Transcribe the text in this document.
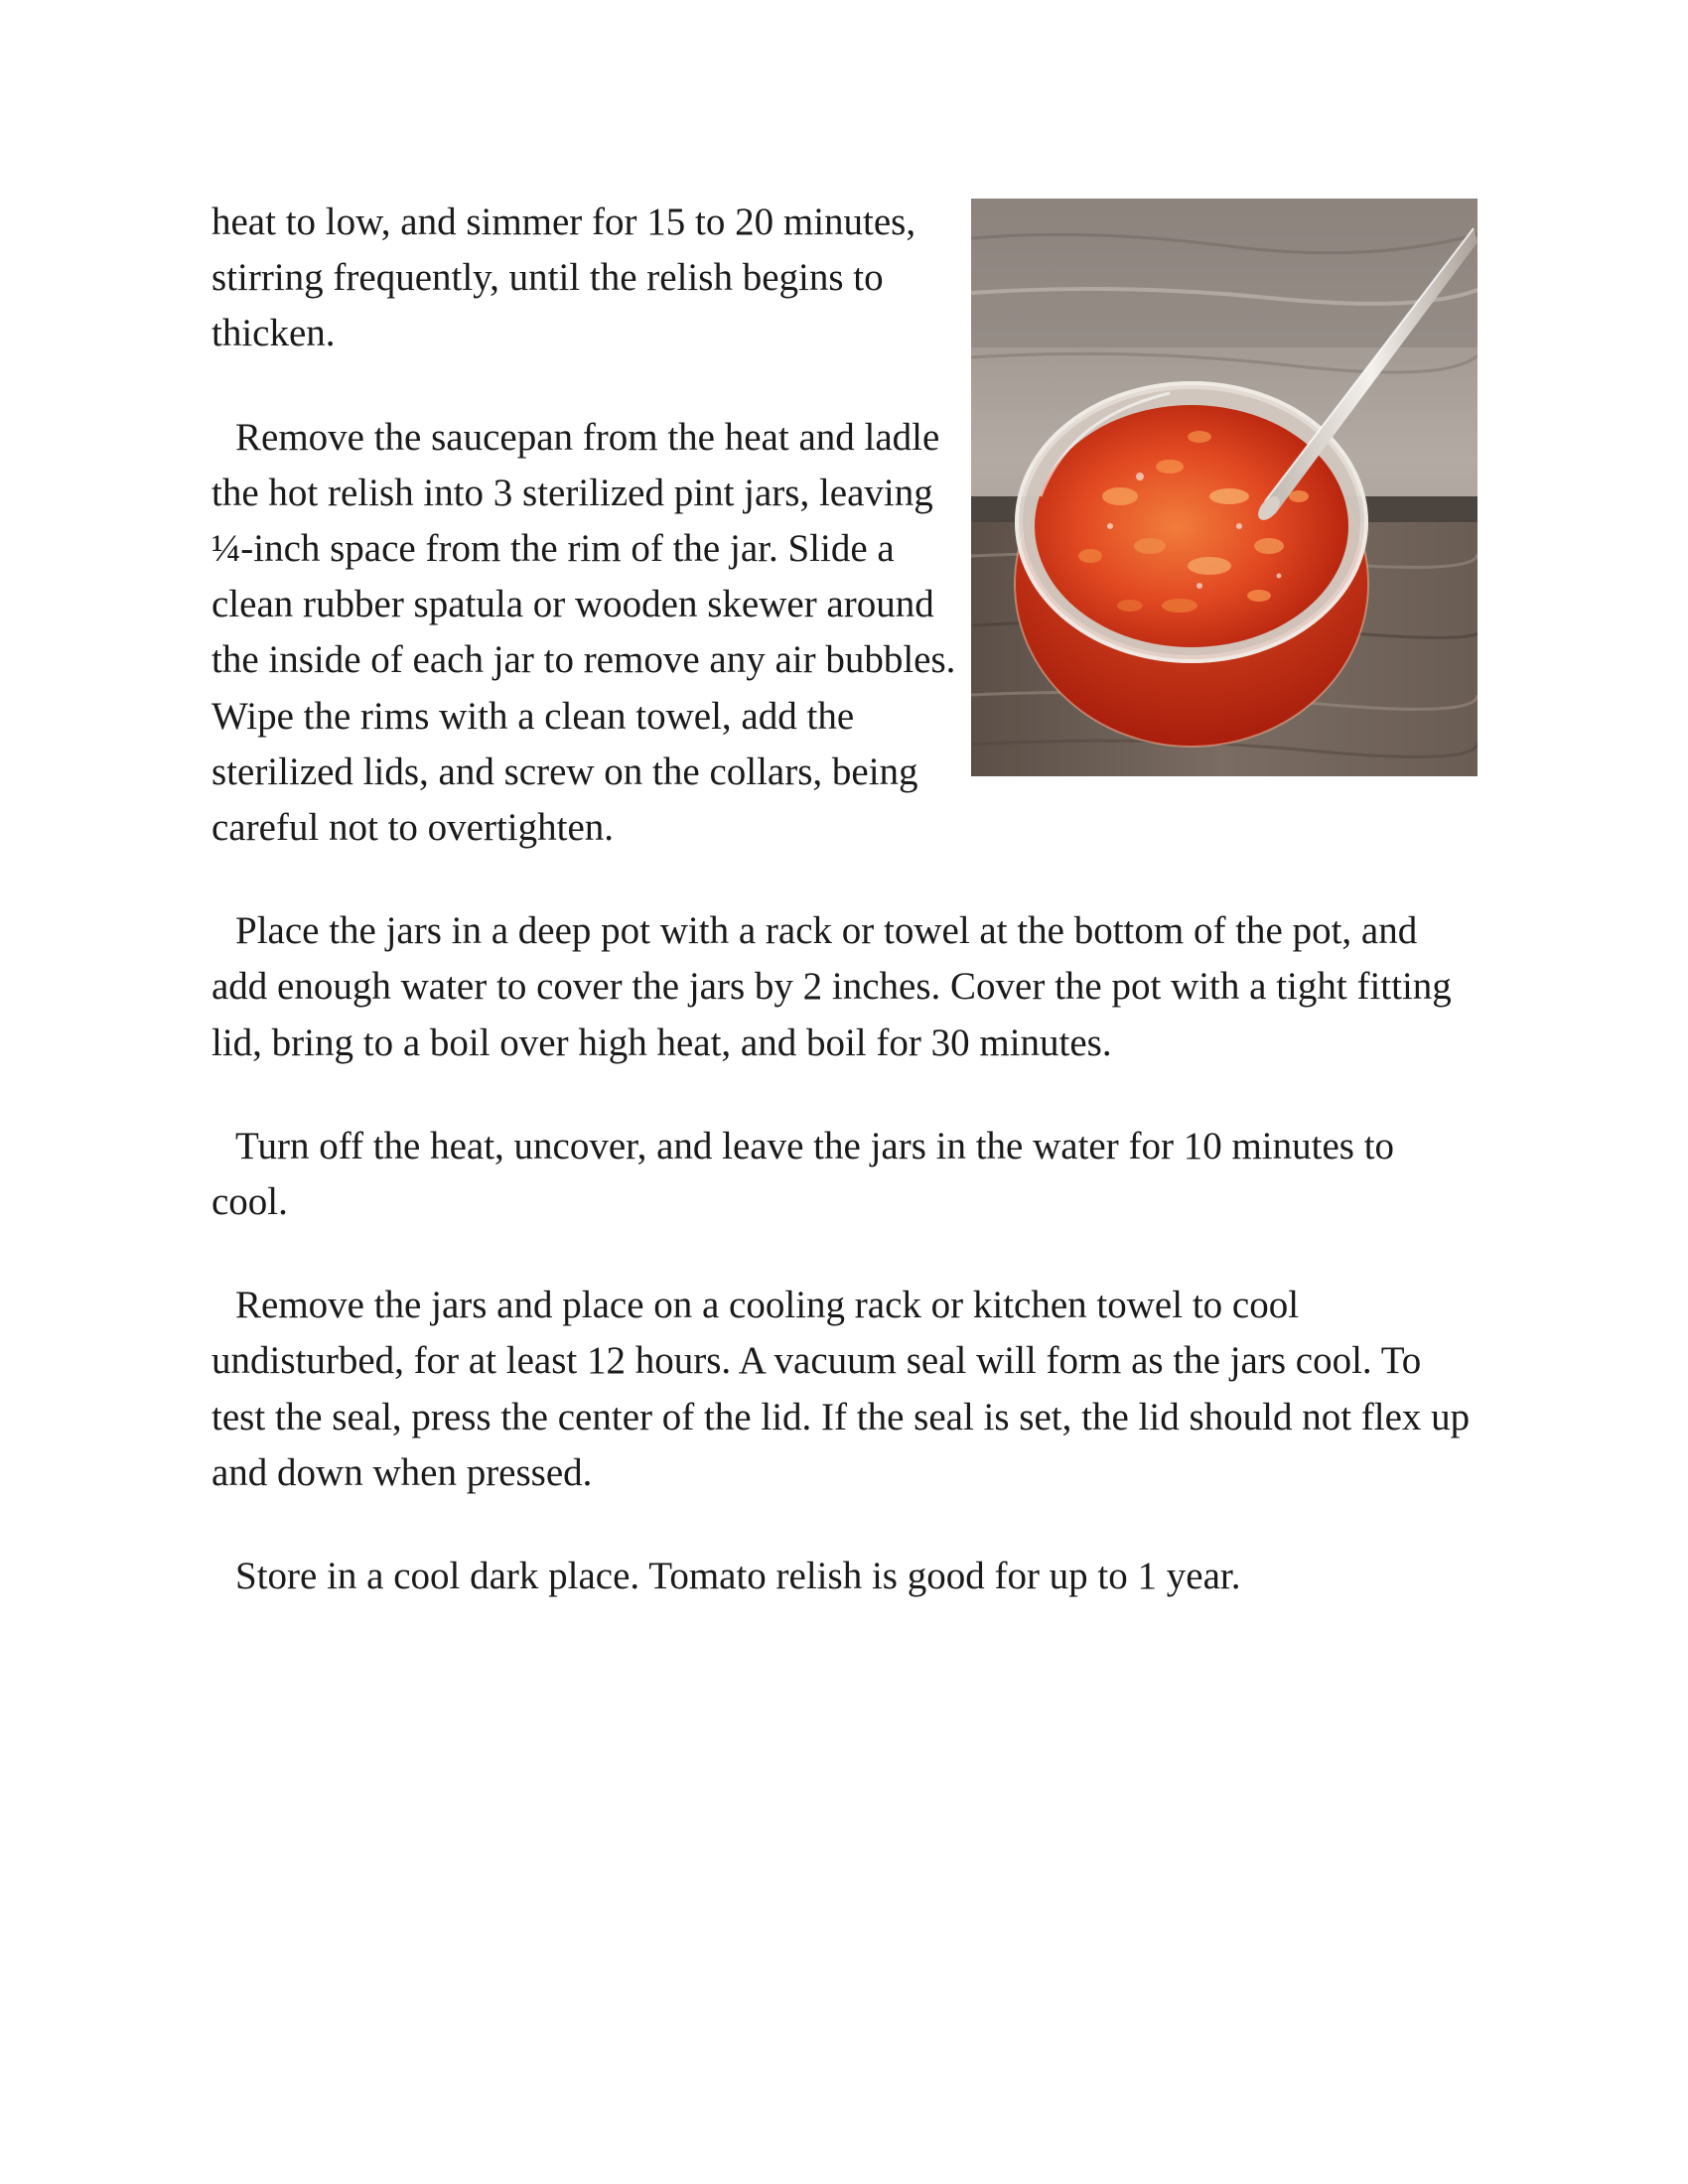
heat to low, and simmer for 15 to 20 minutes, stirring frequently, until the relish begins to thicken.

Remove the saucepan from the heat and ladle the hot relish into 3 sterilized pint jars, leaving ¼-inch space from the rim of the jar. Slide a clean rubber spatula or wooden skewer around the inside of each jar to remove any air bubbles. Wipe the rims with a clean towel, add the sterilized lids, and screw on the collars, being careful not to overtighten.

Place the jars in a deep pot with a rack or towel at the bottom of the pot, and add enough water to cover the jars by 2 inches. Cover the pot with a tight fitting lid, bring to a boil over high heat, and boil for 30 minutes.

Turn off the heat, uncover, and leave the jars in the water for 10 minutes to cool.

Remove the jars and place on a cooling rack or kitchen towel to cool undisturbed, for at least 12 hours. A vacuum seal will form as the jars cool. To test the seal, press the center of the lid. If the seal is set, the lid should not flex up and down when pressed.

Store in a cool dark place. Tomato relish is good for up to 1 year.
